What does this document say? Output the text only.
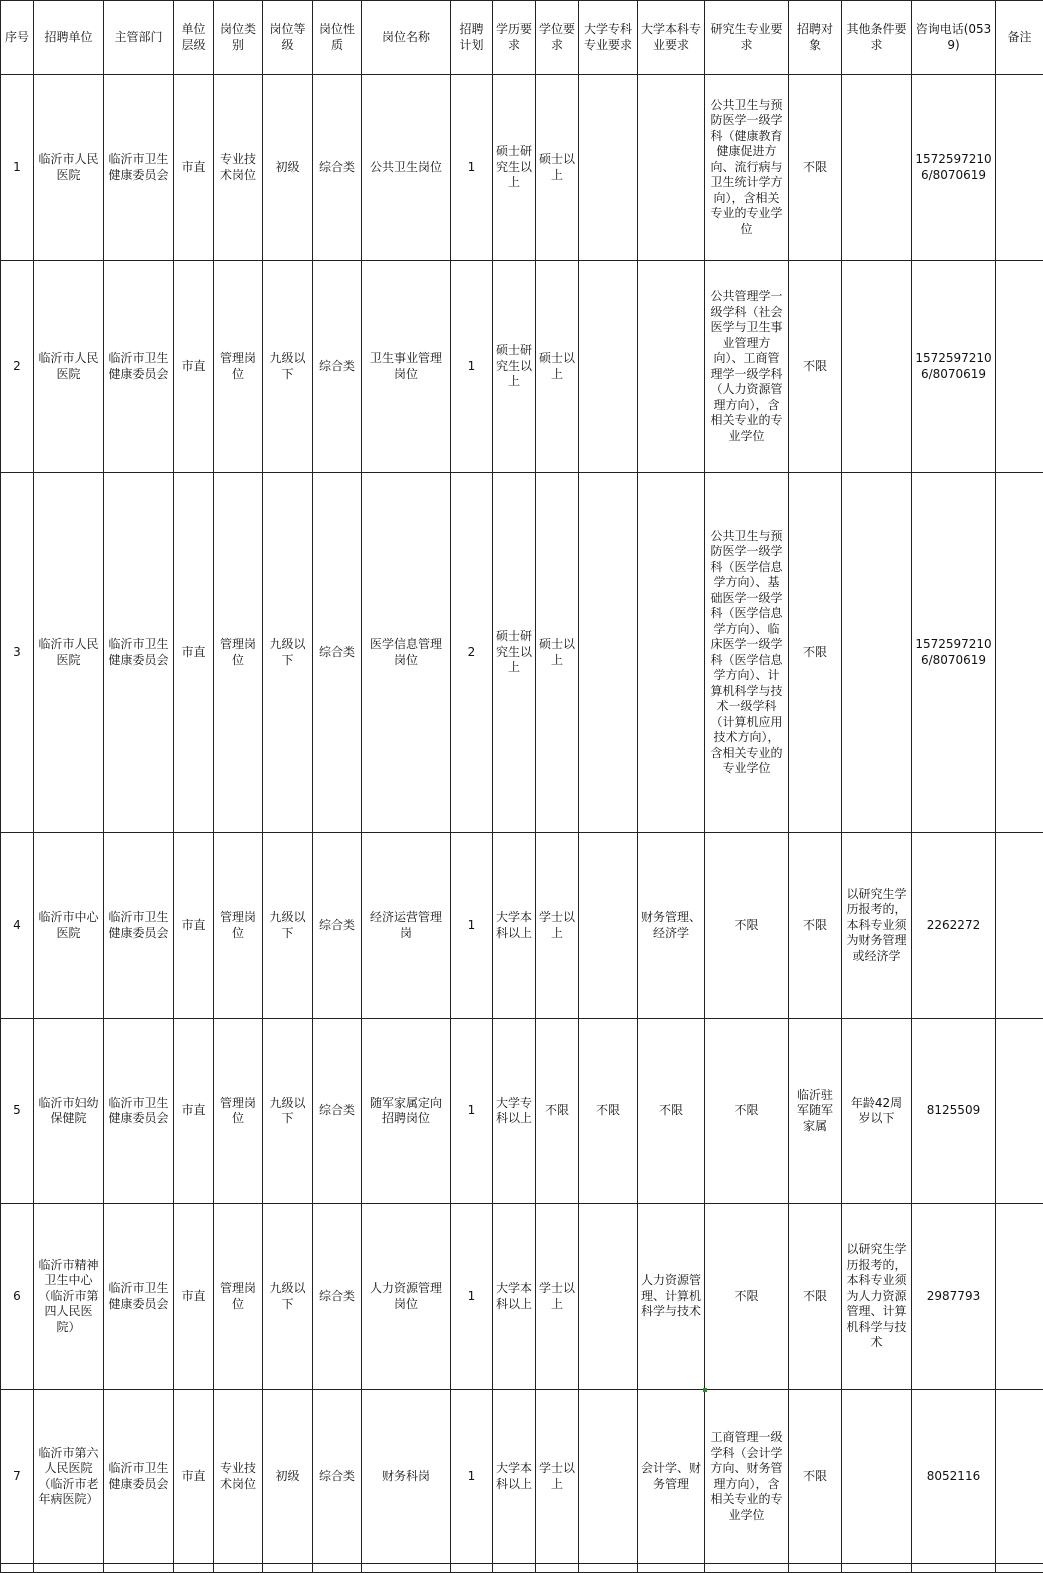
序号	招聘单位	主管部门	单位层级	岗位类别	岗位等级	岗位性质	岗位名称	招聘计划	学历要求	学位要求	大学专科专业要求	大学本科专业要求	研究生专业要求	招聘对象	其他条件要求	咨询电话(0539)	备注
1	临沂市人民医院	临沂市卫生健康委员会	市直	专业技术岗位	初级	综合类	公共卫生岗位	1	硕士研究生以上	硕士以上			公共卫生与预防医学一级学科（健康教育健康促进方向、流行病与卫生统计学方向），含相关专业的专业学位	不限		15725972106/8070619	
2	临沂市人民医院	临沂市卫生健康委员会	市直	管理岗位	九级以下	综合类	卫生事业管理岗位	1	硕士研究生以上	硕士以上			公共管理学一级学科（社会医学与卫生事业管理方向）、工商管理学一级学科（人力资源管理方向），含相关专业的专业学位	不限		15725972106/8070619	
3	临沂市人民医院	临沂市卫生健康委员会	市直	管理岗位	九级以下	综合类	医学信息管理岗位	2	硕士研究生以上	硕士以上			公共卫生与预防医学一级学科（医学信息学方向）、基础医学一级学科（医学信息学方向）、临床医学一级学科（医学信息学方向）、计算机科学与技术一级学科（计算机应用技术方向），含相关专业的专业学位	不限		15725972106/8070619	
4	临沂市中心医院	临沂市卫生健康委员会	市直	管理岗位	九级以下	综合类	经济运营管理岗	1	大学本科以上	学士以上		财务管理、经济学	不限	不限	以研究生学历报考的，本科专业须为财务管理或经济学	2262272	
5	临沂市妇幼保健院	临沂市卫生健康委员会	市直	管理岗位	九级以下	综合类	随军家属定向招聘岗位	1	大学专科以上	不限	不限	不限	不限	临沂驻军随军家属	年龄42周岁以下	8125509	
6	临沂市精神卫生中心（临沂市第四人民医院）	临沂市卫生健康委员会	市直	管理岗位	九级以下	综合类	人力资源管理岗位	1	大学本科以上	学士以上		人力资源管理、计算机科学与技术	不限	不限	以研究生学历报考的，本科专业须为人力资源管理、计算机科学与技术	2987793	
7	临沂市第六人民医院（临沂市老年病医院）	临沂市卫生健康委员会	市直	专业技术岗位	初级	综合类	财务科岗	1	大学本科以上	学士以上		会计学、财务管理	工商管理一级学科（会计学方向、财务管理方向），含相关专业的专业学位	不限		8052116	
